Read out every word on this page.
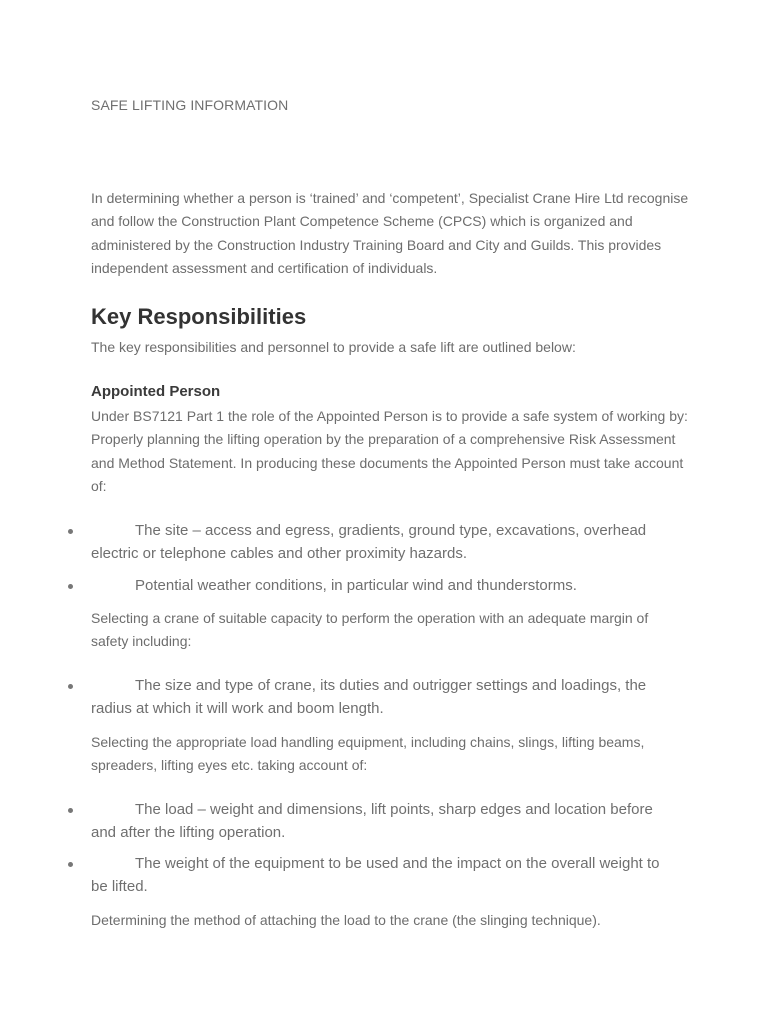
SAFE LIFTING INFORMATION

In determining whether a person is ‘trained’ and ‘competent’, Specialist Crane Hire Ltd recognise
and follow the Construction Plant Competence Scheme (CPCS) which is organized and
administered by the Construction Industry Training Board and City and Guilds. This provides
independent assessment and certification of individuals.
Key Responsibilities
The key responsibilities and personnel to provide a safe lift are outlined below:
Appointed Person
Under BS7121 Part 1 the role of the Appointed Person is to provide a safe system of working by:
Properly planning the lifting operation by the preparation of a comprehensive Risk Assessment
and Method Statement. In producing these documents the Appointed Person must take account
of:
The site – access and egress, gradients, ground type, excavations, overhead
electric or telephone cables and other proximity hazards.
Potential weather conditions, in particular wind and thunderstorms.
Selecting a crane of suitable capacity to perform the operation with an adequate margin of
safety including:
The size and type of crane, its duties and outrigger settings and loadings, the
radius at which it will work and boom length.
Selecting the appropriate load handling equipment, including chains, slings, lifting beams,
spreaders, lifting eyes etc. taking account of:
The load – weight and dimensions, lift points, sharp edges and location before
and after the lifting operation.
The weight of the equipment to be used and the impact on the overall weight to
be lifted.
Determining the method of attaching the load to the crane (the slinging technique).
